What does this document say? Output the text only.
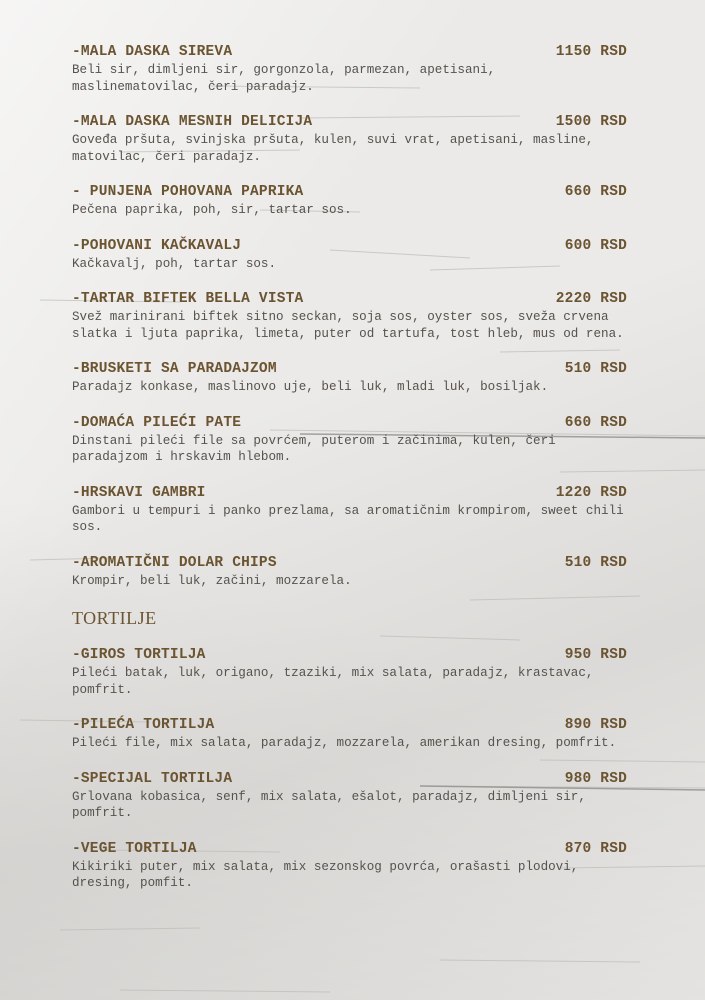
-MALA DASKA SIREVA	1150 RSD
Beli sir, dimljeni sir, gorgonzola, parmezan, apetisani, maslinematovilac, čeri paradajz.
-MALA DASKA MESNIH DELICIJA	1500 RSD
Goveđa pršuta, svinjska pršuta, kulen, suvi vrat, apetisani, masline, matovilac, čeri paradajz.
- PUNJENA POHOVANA PAPRIKA	660 RSD
Pečena paprika, poh, sir, tartar sos.
-POHOVANI KAČKAVALJ	600 RSD
Kačkavalj, poh, tartar sos.
-TARTAR BIFTEK BELLA VISTA	2220 RSD
Svež marinirani biftek sitno seckan, soja sos, oyster sos, sveža crvena slatka i ljuta paprika, limeta, puter od tartufa, tost hleb, mus od rena.
-BRUSKETI SA PARADAJZOM	510 RSD
Paradajz konkase, maslinovo uje, beli luk, mladi luk, bosiljak.
-DOMAĆA PILEĆI PATE	660 RSD
Dinstani pileći file sa povrćem, puterom i začinima, kulen, čeri paradajzom i hrskavim hlebom.
-HRSKAVI GAMBRI	1220 RSD
Gambori u tempuri i panko prezlama, sa aromatičnim krompirom, sweet chili sos.
-AROMATIČNI DOLAR CHIPS	510 RSD
Krompir, beli luk, začini, mozzarela.
TORTILJE
-GIROS TORTILJA	950 RSD
Pileći batak, luk, origano, tzaziki, mix salata, paradajz, krastavac, pomfrit.
-PILEĆA TORTILJA	890 RSD
Pileći file, mix salata, paradajz, mozzarela, amerikan dresing, pomfrit.
-SPECIJAL TORTILJA	980 RSD
Grlovana kobasica, senf, mix salata, ešalot, paradajz, dimljeni sir, pomfrit.
-VEGE TORTILJA	870 RSD
Kikiriki puter, mix salata, mix sezonskog povrća, orašasti plodovi, dresing, pomfit.
